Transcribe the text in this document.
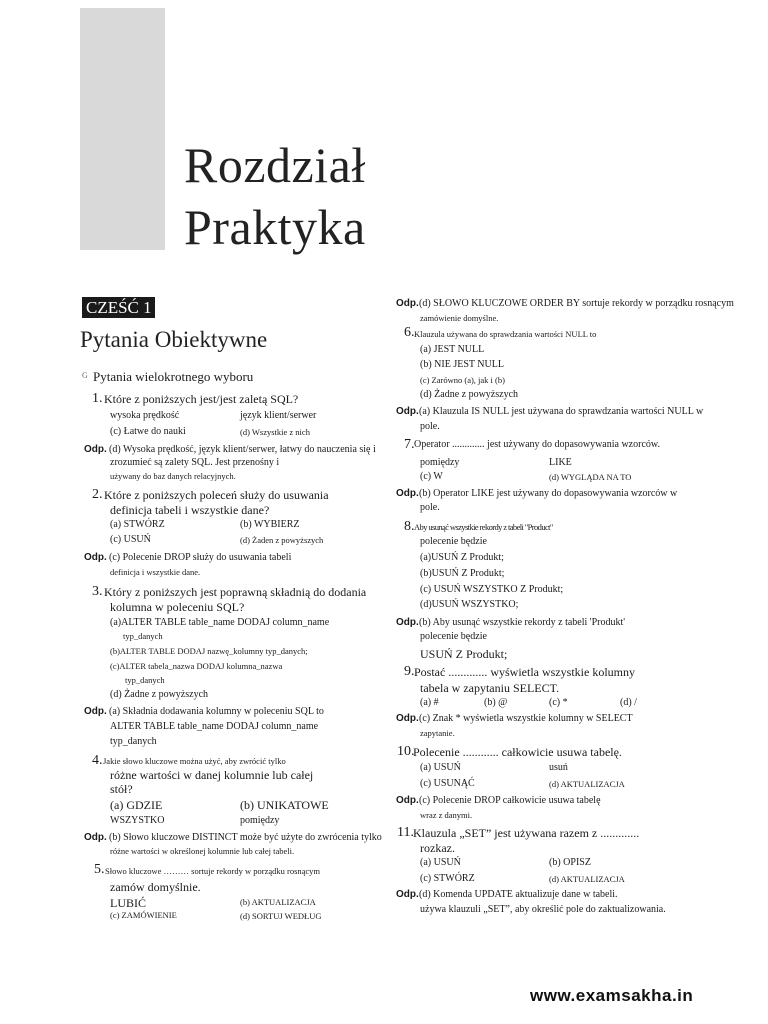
Rozdział
Praktyka
CZEŚĆ 1
Pytania Obiektywne
G Pytania wielokrotnego wyboru
1. Które z poniższych jest/jest zaletą SQL?
wysoka prędkość	język klient/serwer
(c) Łatwe do nauki	(d) Wszystkie z nich
Odp. (d) Wysoka prędkość, język klient/serwer, łatwy do nauczenia się i
zrozumieć są zalety SQL. Jest przenośny i
używany do baz danych relacyjnych.
2. Które z poniższych poleceń służy do usuwania
definicja tabeli i wszystkie dane?
(a) STWÓRZ	(b) WYBIERZ
(c) USUŃ	(d) Żaden z powyższych
Odp. (c) Polecenie DROP służy do usuwania tabeli
definicja i wszystkie dane.
3. Który z poniższych jest poprawną składnią do dodania
kolumna w poleceniu SQL?
(a)ALTER TABLE table_name DODAJ column_name
typ_danych
(b)ALTER TABLE DODAJ nazwę_kolumny typ_danych;
(c)ALTER tabela_nazwa DODAJ kolumna_nazwa
typ_danych
(d) Żadne z powyższych
Odp. (a) Składnia dodawania kolumny w poleceniu SQL to
ALTER TABLE table_name DODAJ column_name
typ_danych
4. Jakie słowo kluczowe można użyć, aby zwrócić tylko
różne wartości w danej kolumnie lub całej
stół?
(a) GDZIE	(b) UNIKATOWE
WSZYSTKO	pomiędzy
Odp. (b) Słowo kluczowe DISTINCT może być użyte do zwrócenia tylko
różne wartości w określonej kolumnie lub całej tabeli.
5. Słowo kluczowe ……… sortuje rekordy w porządku rosnącym
zamów domyślnie.
LUBIĆ	(b) AKTUALIZACJA
(c) ZAMÓWIENIE	(d) SORTUJ WEDŁUG
Odp. (d) SŁOWO KLUCZOWE ORDER BY sortuje rekordy w porządku rosnącym
zamówienie domyślne.
6. Klauzula używana do sprawdzania wartości NULL to
(a) JEST NULL
(b) NIE JEST NULL
(c) Zarówno (a), jak i (b)
(d) Żadne z powyższych
Odp. (a) Klauzula IS NULL jest używana do sprawdzania wartości NULL w
pole.
7. Operator ............. jest używany do dopasowywania wzorców.
pomiędzy	LIKE
(c) W	(d) WYGLĄDA NA TO
Odp. (b) Operator LIKE jest używany do dopasowywania wzorców w
pole.
8. Aby usunąć wszystkie rekordy z tabeli "Product"
polecenie będzie
(a)USUŃ Z Produkt;
(b)USUŃ Z Produkt;
(c) USUŃ WSZYSTKO Z Produkt;
(d)USUŃ WSZYSTKO;
Odp. (b) Aby usunąć wszystkie rekordy z tabeli 'Produkt'
polecenie będzie
USUŃ Z Produkt;
9. Postać ............. wyświetla wszystkie kolumny
tabela w zapytaniu SELECT.
(a) #	(b) @	(c) *	(d) /
Odp. (c) Znak * wyświetla wszystkie kolumny w SELECT
zapytanie.
10.
Polecenie ............ całkowicie usuwa tabelę.
(a) USUŃ	usuń
(c) USUNĄĆ	(d) AKTUALIZACJA
Odp. (c) Polecenie DROP całkowicie usuwa tabelę
wraz z danymi.
11. Klauzula „SET” jest używana razem z .............
rozkaz.
(a) USUŃ	(b) OPISZ
(c) STWÓRZ	(d) AKTUALIZACJA
Odp. (d) Komenda UPDATE aktualizuje dane w tabeli.
używa klauzuli „SET”, aby określić pole do zaktualizowania.
www.examsakha.in
